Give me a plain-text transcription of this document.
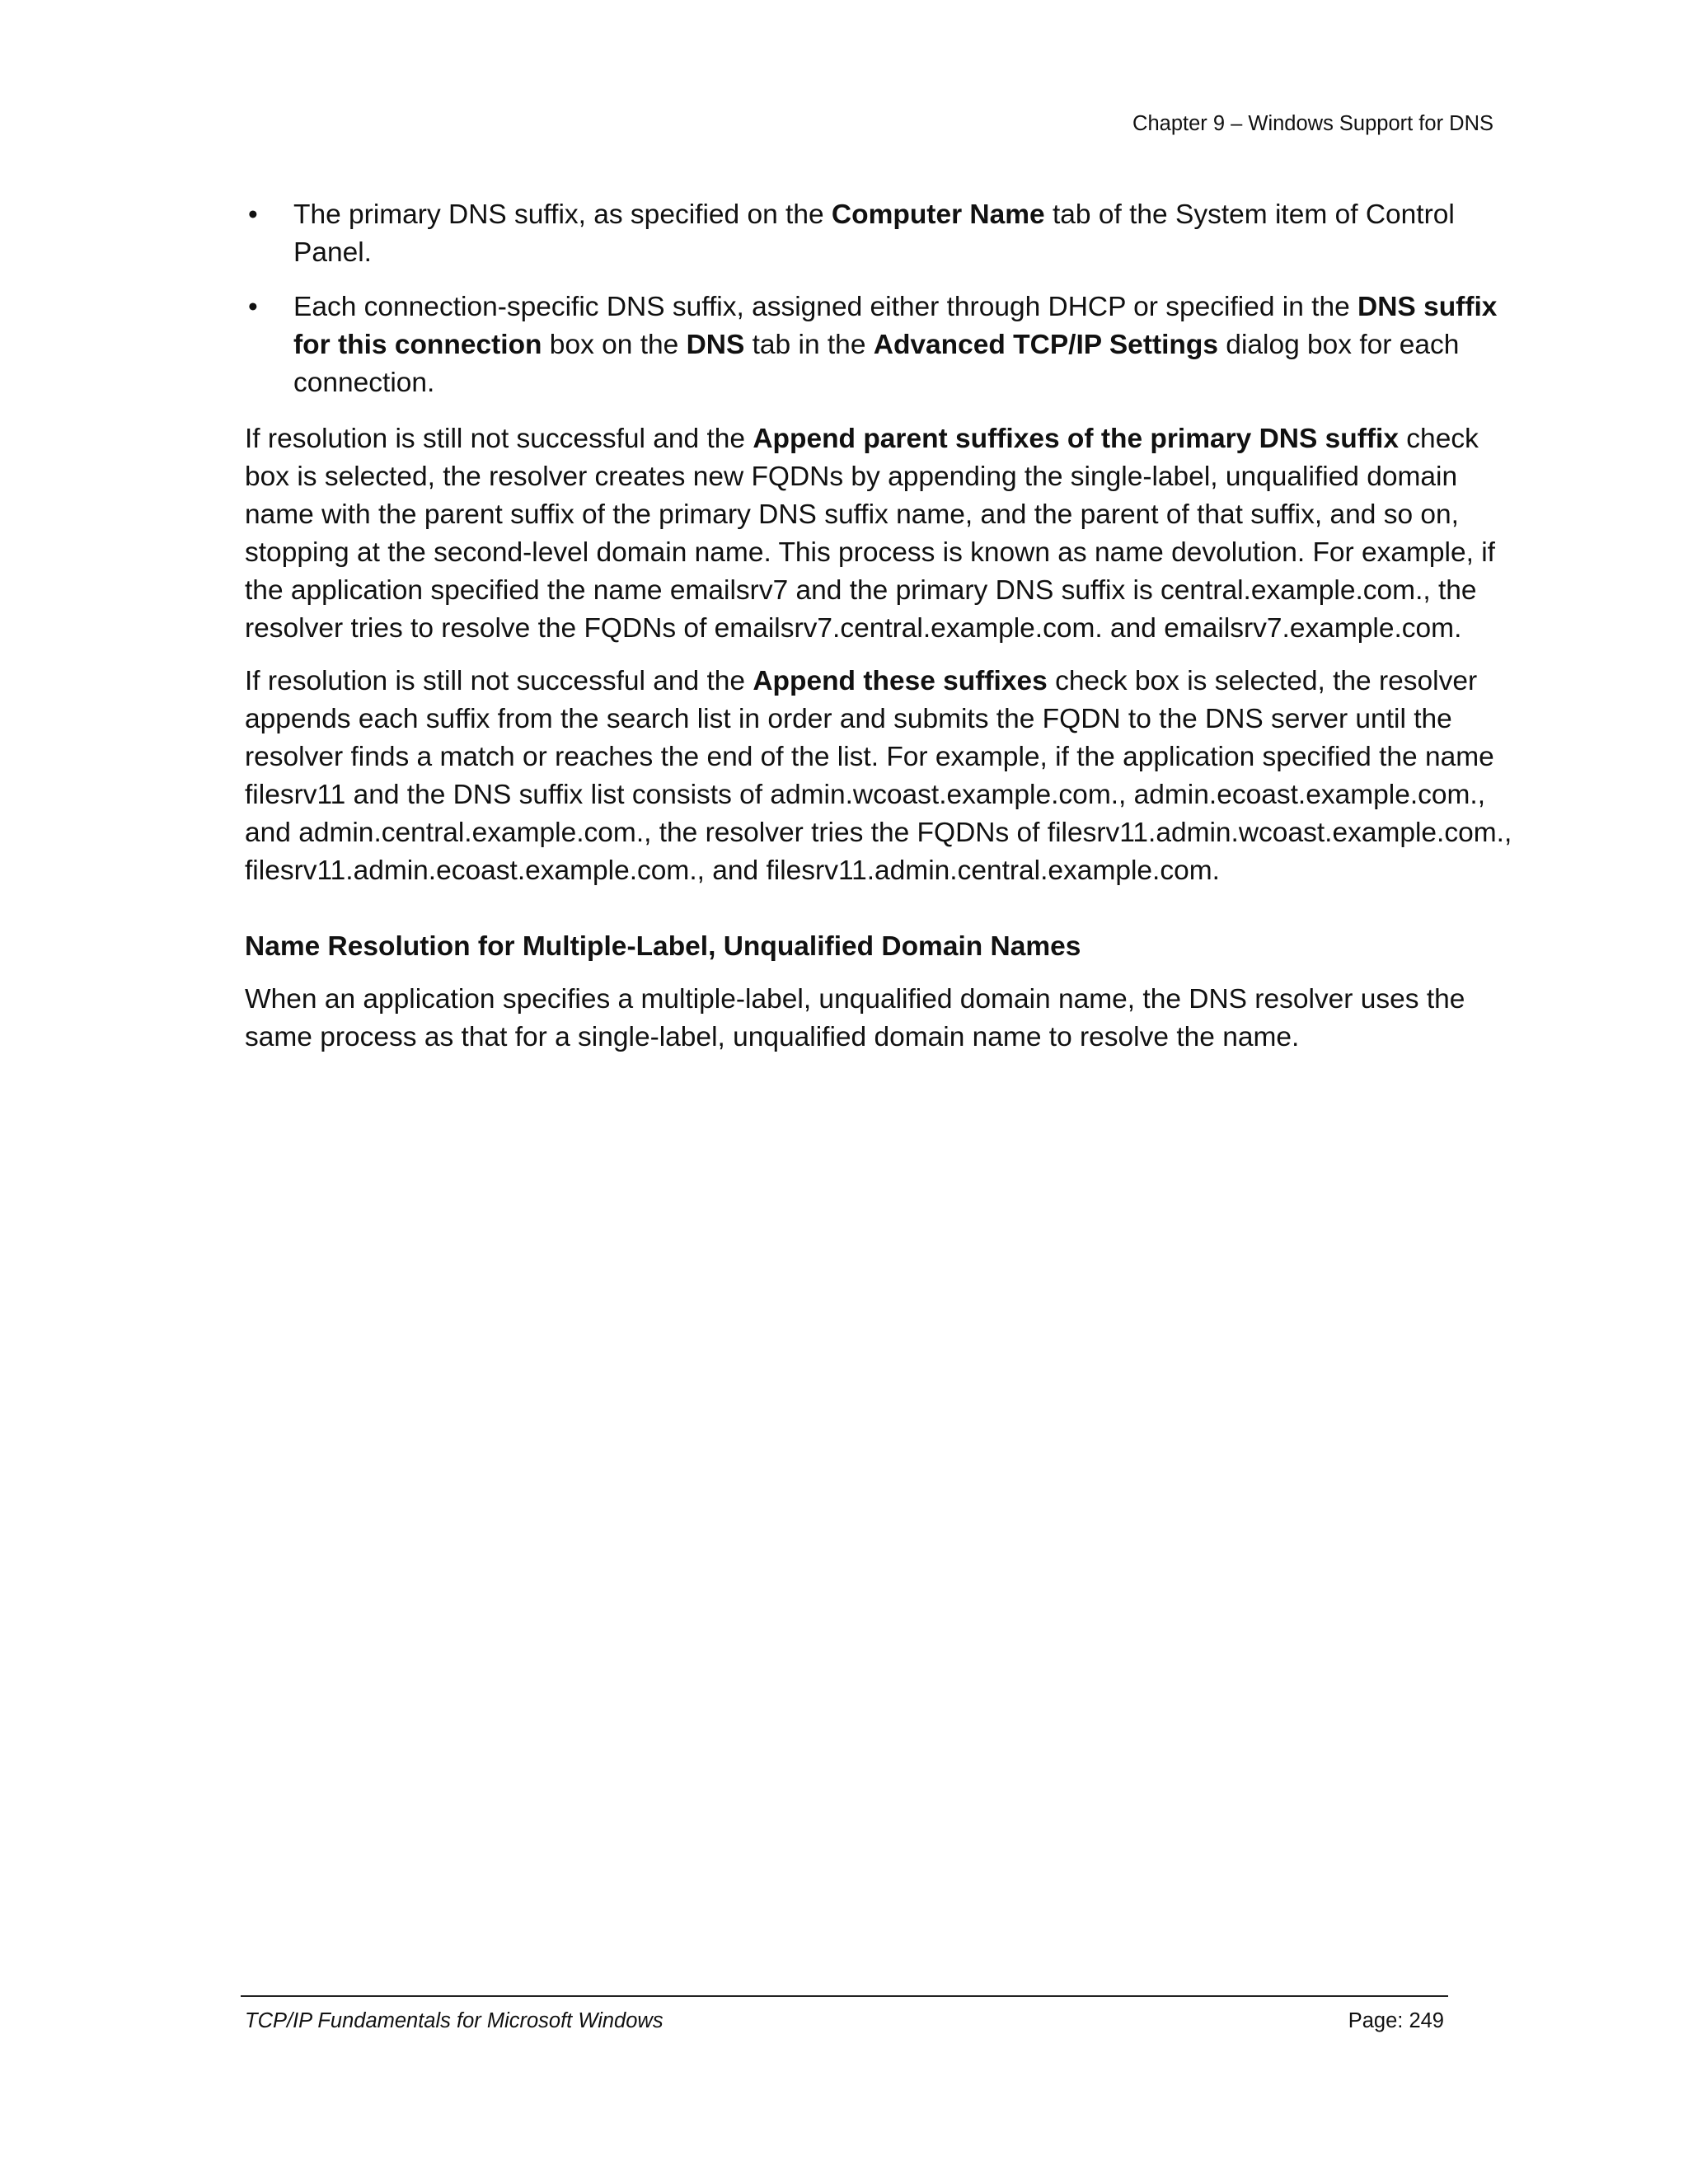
Chapter 9 – Windows Support for DNS
• The primary DNS suffix, as specified on the Computer Name tab of the System item of Control Panel.
• Each connection-specific DNS suffix, assigned either through DHCP or specified in the DNS suffix for this connection box on the DNS tab in the Advanced TCP/IP Settings dialog box for each connection.

If resolution is still not successful and the Append parent suffixes of the primary DNS suffix check box is selected, the resolver creates new FQDNs by appending the single-label, unqualified domain name with the parent suffix of the primary DNS suffix name, and the parent of that suffix, and so on, stopping at the second-level domain name. This process is known as name devolution. For example, if the application specified the name emailsrv7 and the primary DNS suffix is central.example.com., the resolver tries to resolve the FQDNs of emailsrv7.central.example.com. and emailsrv7.example.com.

If resolution is still not successful and the Append these suffixes check box is selected, the resolver appends each suffix from the search list in order and submits the FQDN to the DNS server until the resolver finds a match or reaches the end of the list. For example, if the application specified the name filesrv11 and the DNS suffix list consists of admin.wcoast.example.com., admin.ecoast.example.com., and admin.central.example.com., the resolver tries the FQDNs of filesrv11.admin.wcoast.example.com., filesrv11.admin.ecoast.example.com., and filesrv11.admin.central.example.com.

Name Resolution for Multiple-Label, Unqualified Domain Names

When an application specifies a multiple-label, unqualified domain name, the DNS resolver uses the same process as that for a single-label, unqualified domain name to resolve the name.

TCP/IP Fundamentals for Microsoft Windows	Page: 249
